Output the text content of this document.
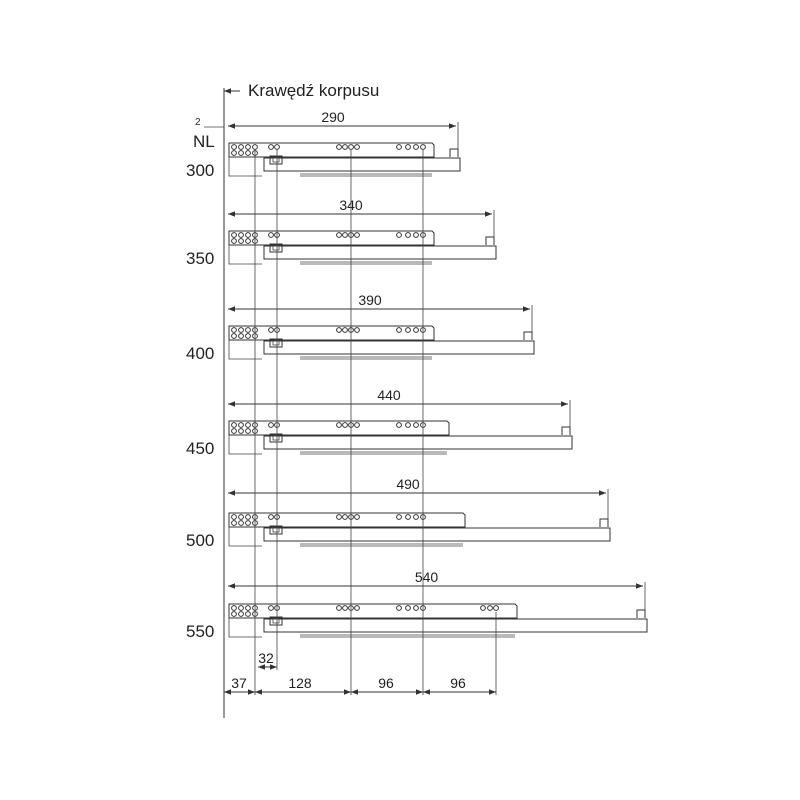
Krawędź korpusu
2
NL
290
300
340
350
390
400
440
450
490
500
540
550
32
37	128	96	96
